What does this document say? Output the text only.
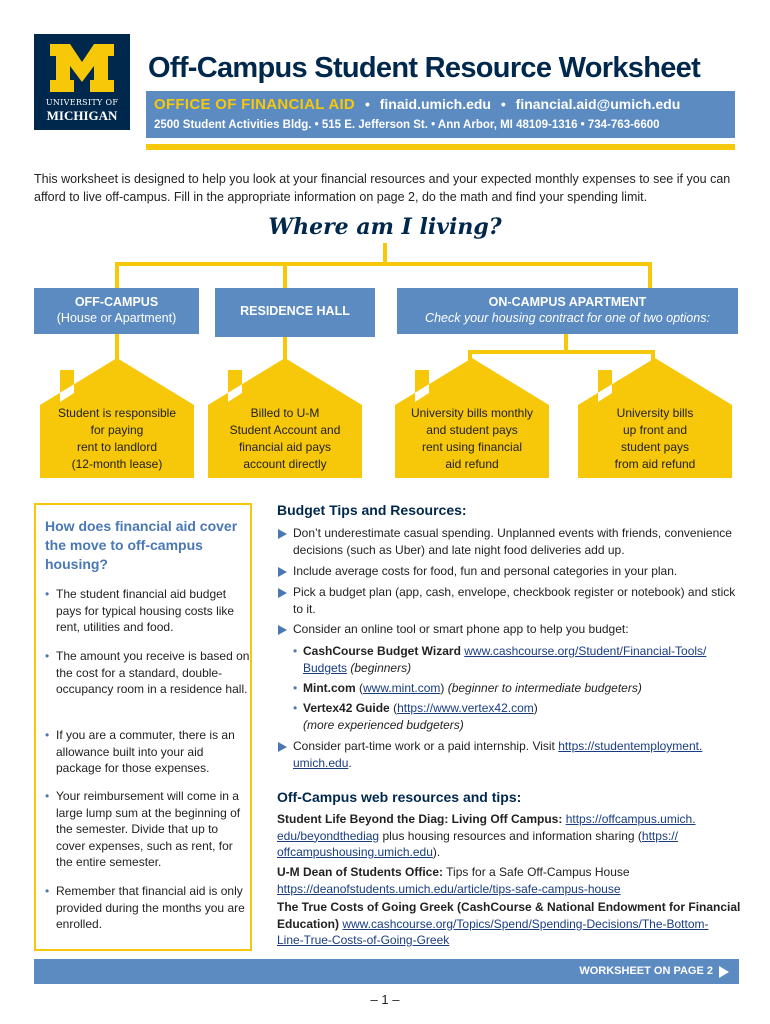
UNIVERSITY OF
MICHIGAN
Off-Campus Student Resource Worksheet
OFFICE OF FINANCIAL AID • finaid.umich.edu • financial.aid@umich.edu
2500 Student Activities Bldg. • 515 E. Jefferson St. • Ann Arbor, MI 48109-1316 • 734-763-6600
This worksheet is designed to help you look at your financial resources and your expected monthly expenses to see if you can afford to live off-campus. Fill in the appropriate information on page 2, do the math and find your spending limit.
Where am I living?
OFF-CAMPUS
(House or Apartment)	RESIDENCE HALL
ON-CAMPUS APARTMENT
Check your housing contract for one of two options:
Student is responsible
for paying
rent to landlord
(12-month lease)
Billed to U-M
Student Account and
financial aid pays
account directly
University bills monthly
and student pays
rent using financial
aid refund
University bills
up front and
student pays
from aid refund
How does financial aid cover the move to off-campus housing?
• The student financial aid budget pays for typical housing costs like rent, utilities and food.
• The amount you receive is based on the cost for a standard, double-occupancy room in a residence hall.
• If you are a commuter, there is an allowance built into your aid package for those expenses.
• Your reimbursement will come in a large lump sum at the beginning of the semester. Divide that up to cover expenses, such as rent, for the entire semester.
• Remember that financial aid is only provided during the months you are enrolled.
Budget Tips and Resources:
Don’t underestimate casual spending. Unplanned events with friends, convenience decisions (such as Uber) and late night food deliveries add up.
Include average costs for food, fun and personal categories in your plan.
Pick a budget plan (app, cash, envelope, checkbook register or notebook) and stick to it.
Consider an online tool or smart phone app to help you budget:
• CashCourse Budget Wizard www.cashcourse.org/Student/Financial-Tools/
Budgets (beginners)
• Mint.com (www.mint.com) (beginner to intermediate budgeters)
• Vertex42 Guide (https://www.vertex42.com)
(more experienced budgeters)
Consider part-time work or a paid internship. Visit https://studentemployment.
umich.edu.
Off-Campus web resources and tips:
Student Life Beyond the Diag: Living Off Campus: https://offcampus.umich.
edu/beyondthediag plus housing resources and information sharing (https://
offcampushousing.umich.edu).
U-M Dean of Students Office: Tips for a Safe Off-Campus House
https://deanofstudents.umich.edu/article/tips-safe-campus-house
The True Costs of Going Greek (CashCourse & National Endowment for Financial Education) www.cashcourse.org/Topics/Spend/Spending-Decisions/The-Bottom-
Line-True-Costs-of-Going-Greek
WORKSHEET ON PAGE 2
– 1 –
